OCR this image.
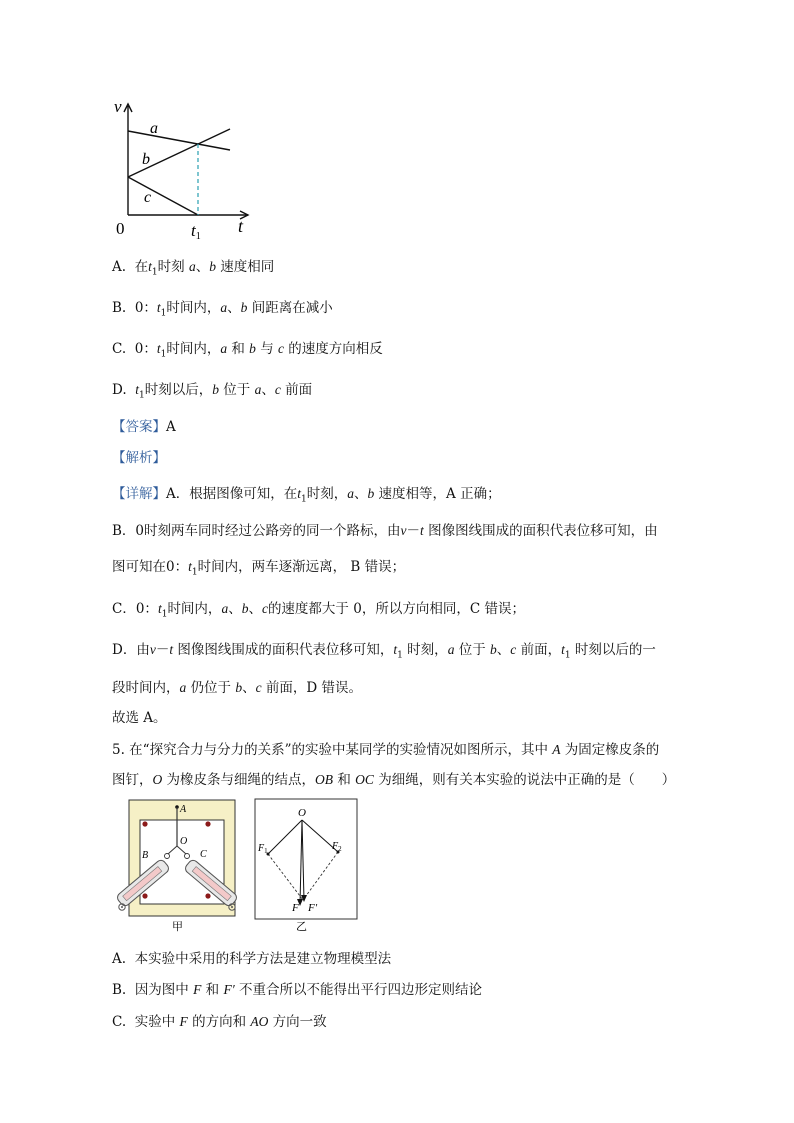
v
t
0
a
b
c
t1
A. 在$t_1$时刻 a、b 速度相同
B. 0：$t_1$时间内，a、b 间距离在减小
C. 0：$t_1$时间内，a 和 b 与 c 的速度方向相反
D. $t_1$时刻以后，b 位于 a、c 前面
【答案】A
【解析】
【详解】A．根据图像可知，在$t_1$时刻，a、b 速度相等，A 正确；
B．0时刻两车同时经过公路旁的同一个路标，由v－t 图像图线围成的面积代表位移可知，由
图可知在0：$t_1$时间内，两车逐渐远离， B 错误；
C．0：$t_1$时间内，a、b、c的速度都大于 0，所以方向相同，C 错误；
D．由v－t 图像图线围成的面积代表位移可知，$t_1$ 时刻，a 位于 b、c 前面，$t_1$ 时刻以后的一
段时间内，a 仍位于 b、c 前面，D 错误。
故选 A。
5. 在“探究合力与分力的关系”的实验中某同学的实验情况如图所示，其中 A 为固定橡皮条的
图钉，O 为橡皮条与细绳的结点，OB 和 OC 为细绳，则有关本实验的说法中正确的是（　　）
A
O
B	C
甲
O
$F_1$	$F_2$
F F′
乙
A. 本实验中采用的科学方法是建立物理模型法
B. 因为图中 F 和 F′ 不重合所以不能得出平行四边形定则结论
C. 实验中 F 的方向和 AO 方向一致
